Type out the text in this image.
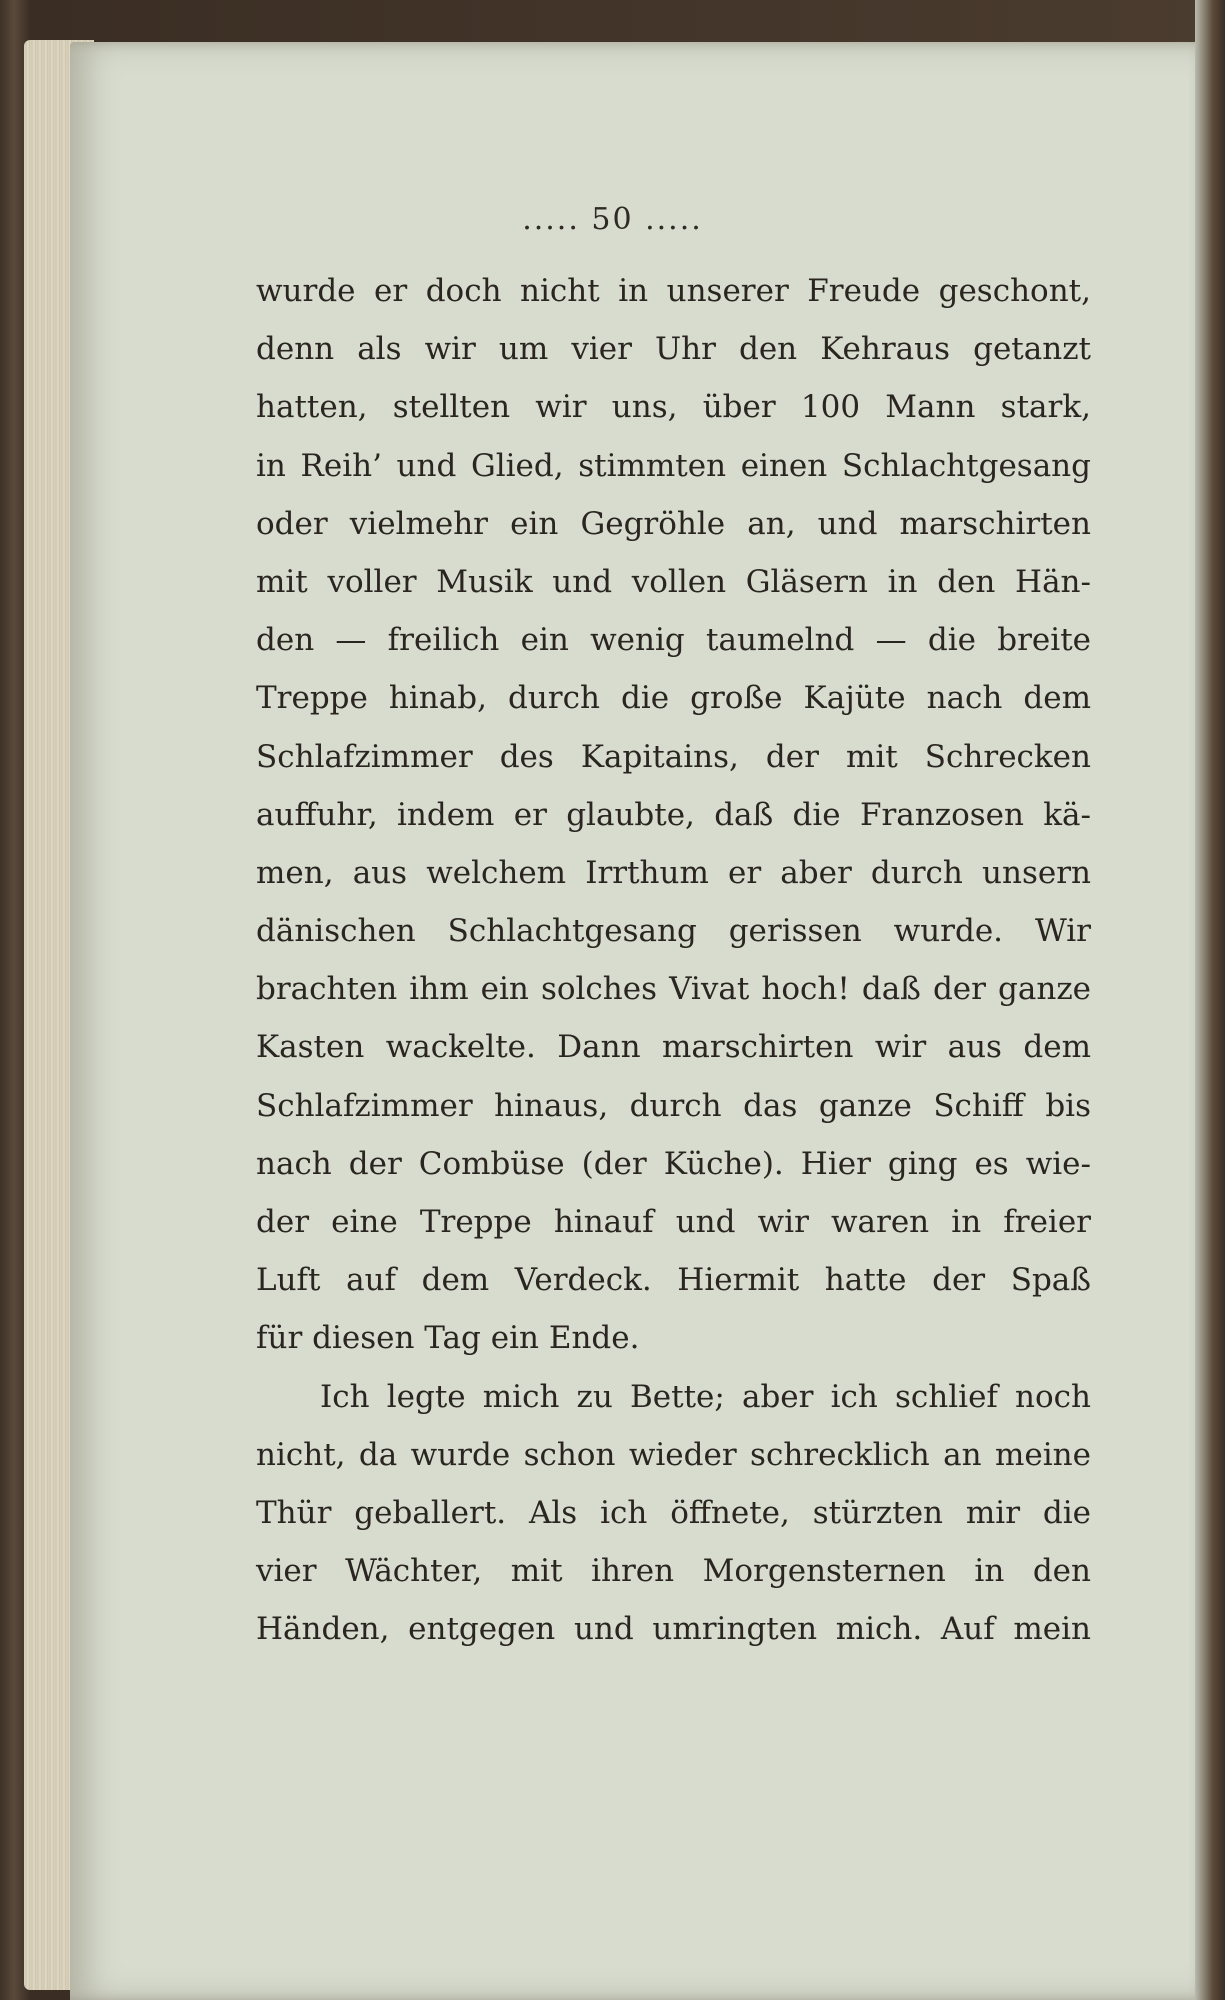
..... 50 .....
wurde er doch nicht in unserer Freude geschont,
denn als wir um vier Uhr den Kehraus getanzt
hatten, stellten wir uns, über 100 Mann stark,
in Reih’ und Glied, stimmten einen Schlachtgesang
oder vielmehr ein Gegröhle an, und marschirten
mit voller Musik und vollen Gläsern in den Hän-
den — freilich ein wenig taumelnd — die breite
Treppe hinab, durch die große Kajüte nach dem
Schlafzimmer des Kapitains, der mit Schrecken
auffuhr, indem er glaubte, daß die Franzosen kä-
men, aus welchem Irrthum er aber durch unsern
dänischen Schlachtgesang gerissen wurde. Wir
brachten ihm ein solches Vivat hoch! daß der ganze
Kasten wackelte. Dann marschirten wir aus dem
Schlafzimmer hinaus, durch das ganze Schiff bis
nach der Combüse (der Küche). Hier ging es wie-
der eine Treppe hinauf und wir waren in freier
Luft auf dem Verdeck. Hiermit hatte der Spaß
für diesen Tag ein Ende.
Ich legte mich zu Bette; aber ich schlief noch
nicht, da wurde schon wieder schrecklich an meine
Thür geballert. Als ich öffnete, stürzten mir die
vier Wächter, mit ihren Morgensternen in den
Händen, entgegen und umringten mich. Auf mein
